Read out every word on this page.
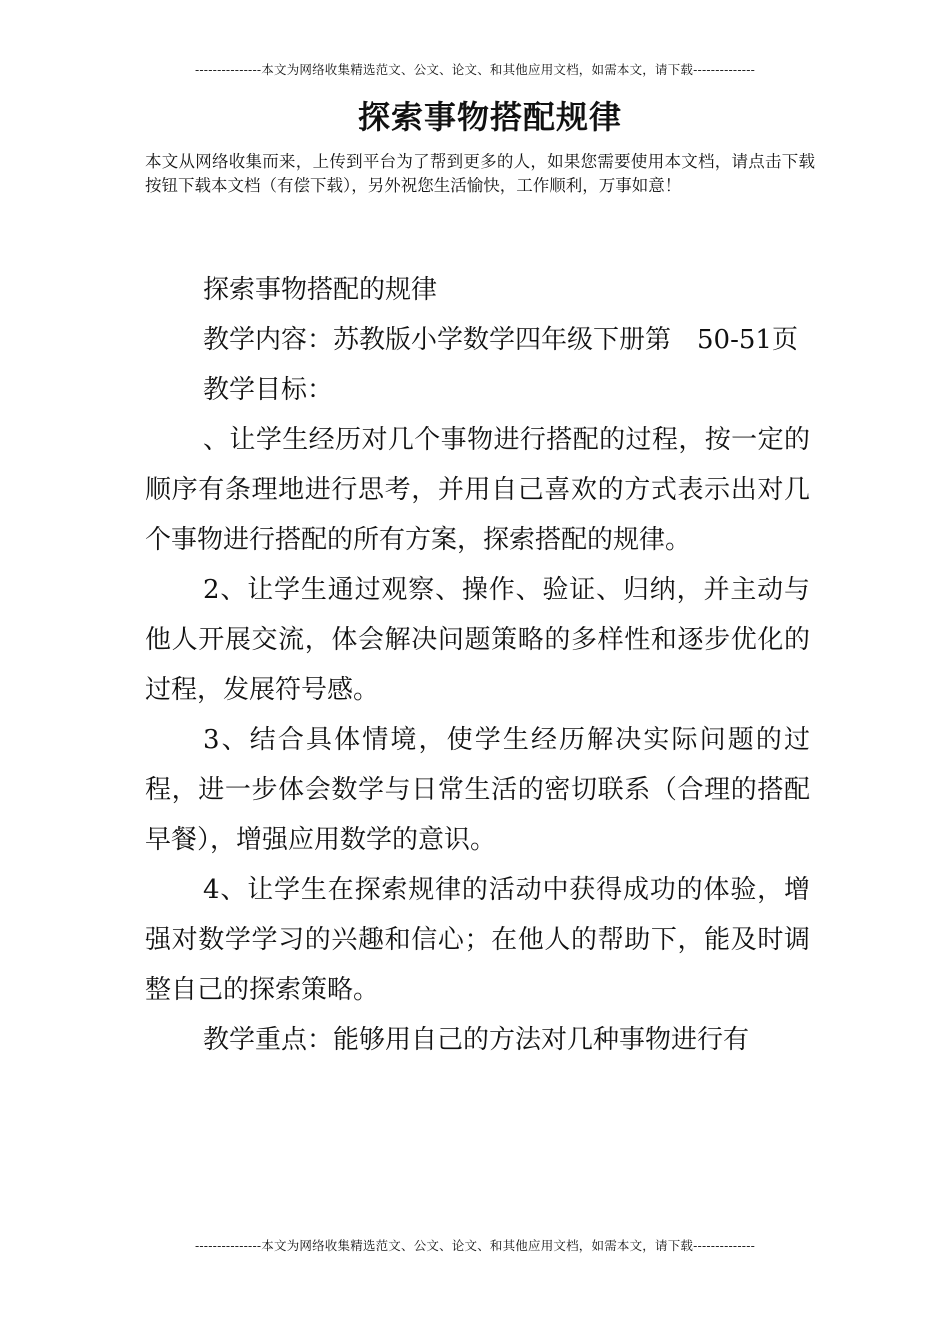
---------------本文为网络收集精选范文、公文、论文、和其他应用文档，如需本文，请下载--------------
探索事物搭配规律
本文从网络收集而来，上传到平台为了帮到更多的人，如果您需要使用本文档，请点击下载按钮下载本文档（有偿下载），另外祝您生活愉快，工作顺利，万事如意！

探索事物搭配的规律

教学内容：苏教版小学数学四年级下册第　50-51页

教学目标：

、让学生经历对几个事物进行搭配的过程，按一定的顺序有条理地进行思考，并用自己喜欢的方式表示出对几个事物进行搭配的所有方案，探索搭配的规律。

2、让学生通过观察、操作、验证、归纳，并主动与他人开展交流，体会解决问题策略的多样性和逐步优化的过程，发展符号感。

3、结合具体情境，使学生经历解决实际问题的过程，进一步体会数学与日常生活的密切联系（合理的搭配早餐），增强应用数学的意识。

4、让学生在探索规律的活动中获得成功的体验，增强对数学学习的兴趣和信心；在他人的帮助下，能及时调整自己的探索策略。

教学重点：能够用自己的方法对几种事物进行有

---------------本文为网络收集精选范文、公文、论文、和其他应用文档，如需本文，请下载--------------
